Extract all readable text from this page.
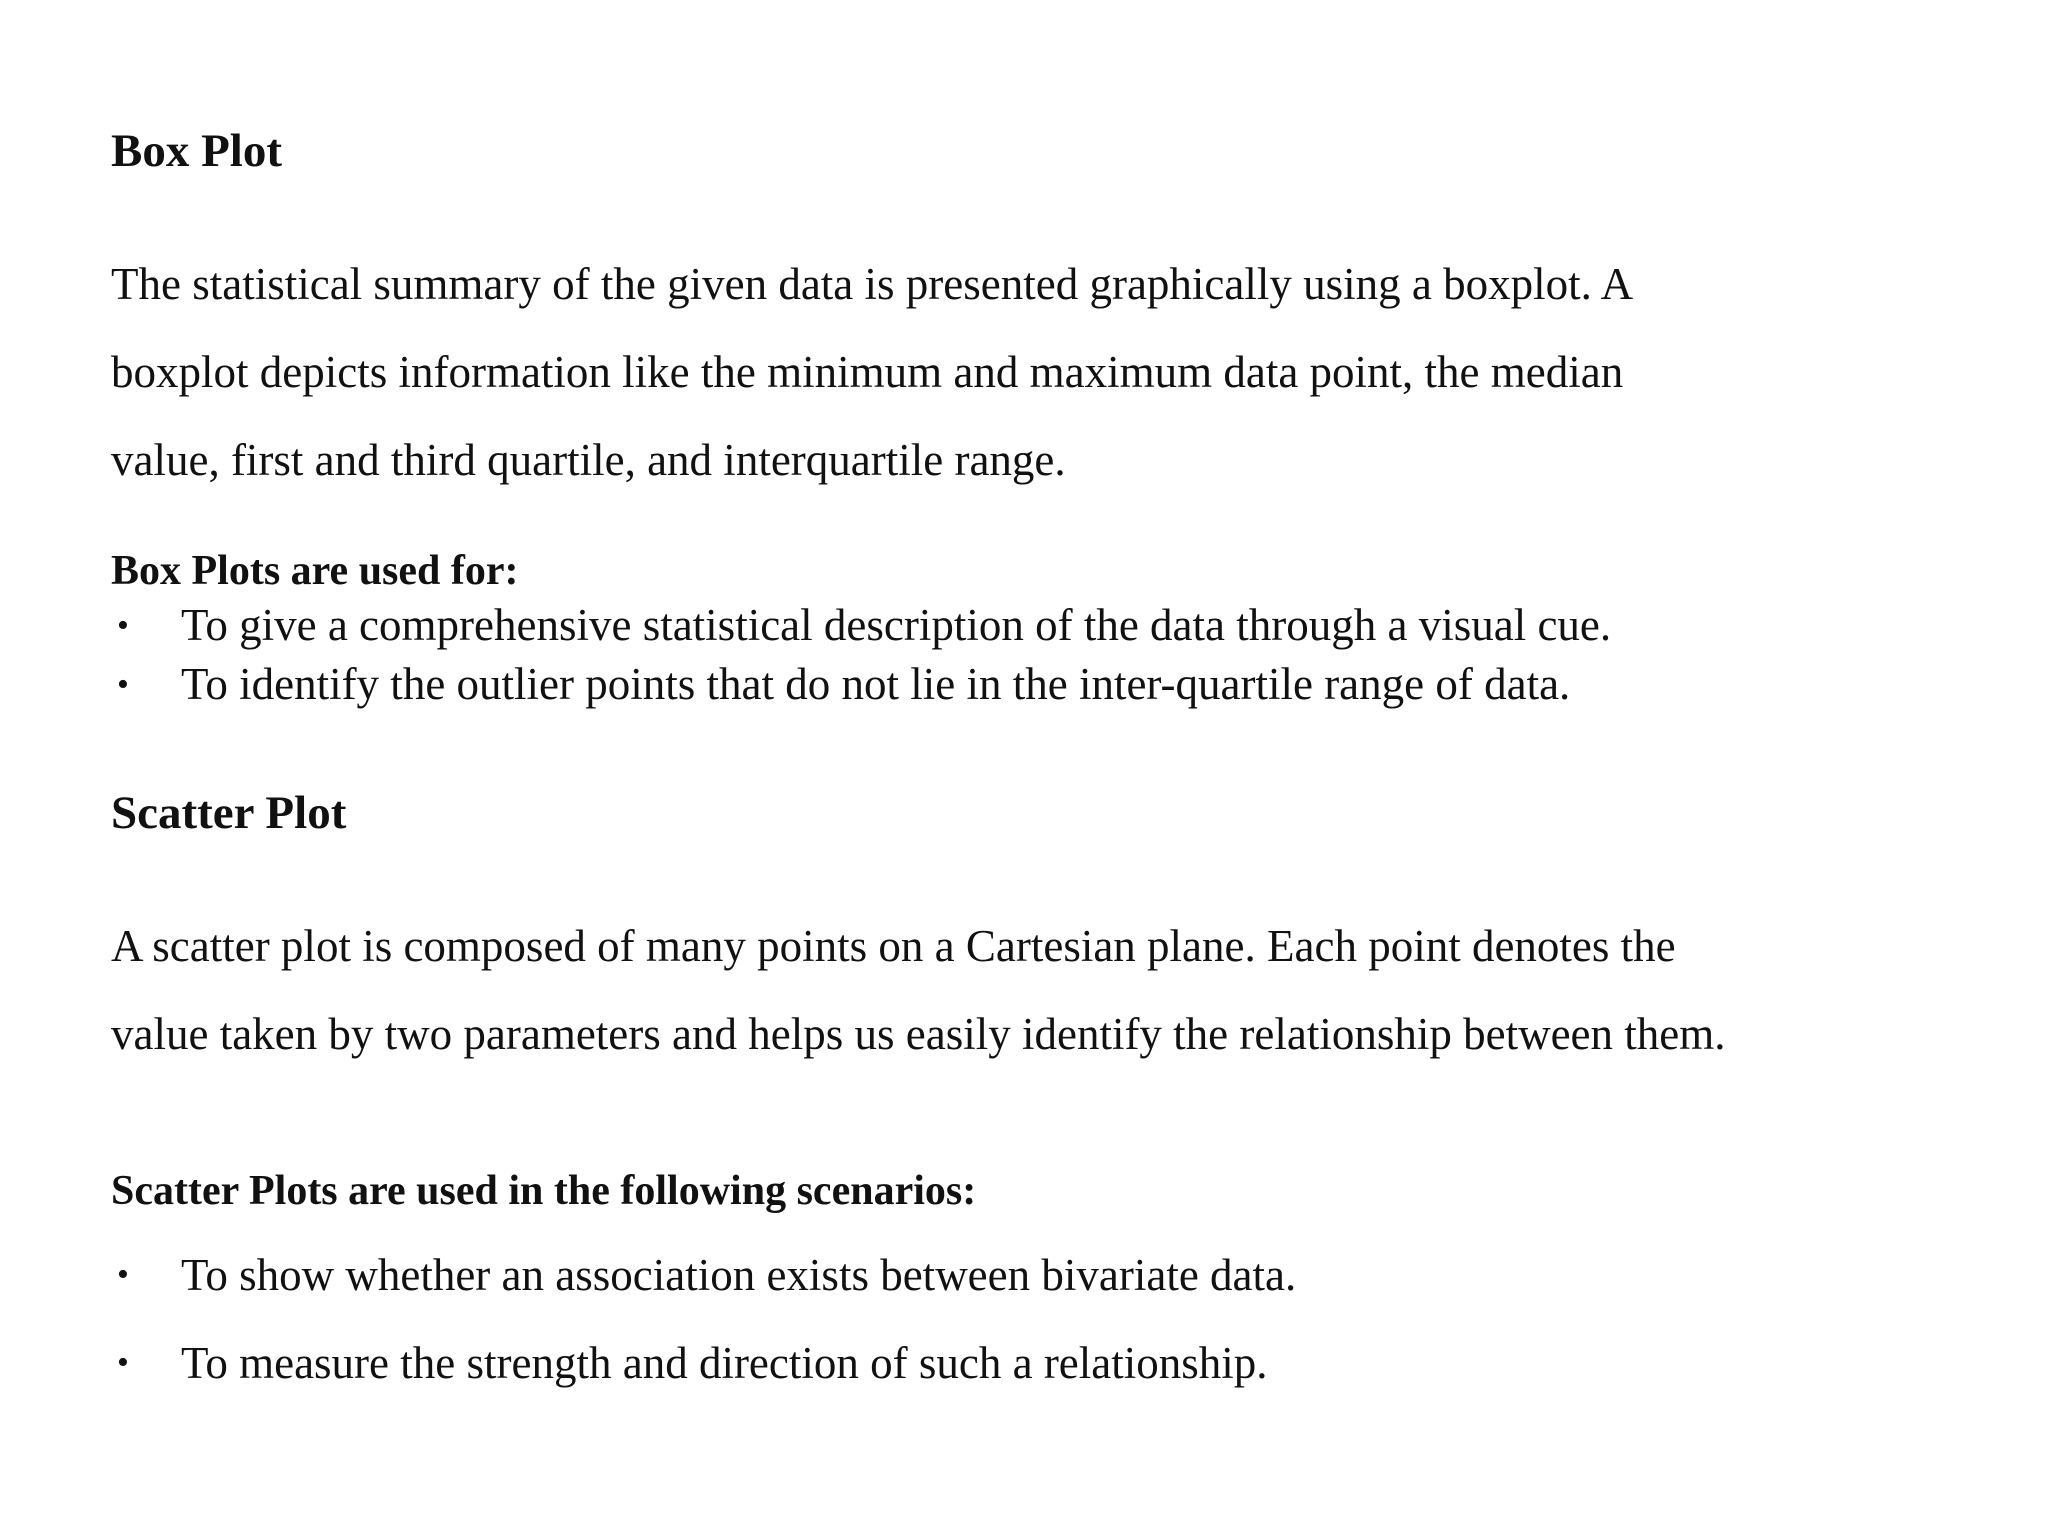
Box Plot

The statistical summary of the given data is presented graphically using a boxplot. A
boxplot depicts information like the minimum and maximum data point, the median
value, first and third quartile, and interquartile range.

Box Plots are used for:
• To give a comprehensive statistical description of the data through a visual cue.
• To identify the outlier points that do not lie in the inter-quartile range of data.
Scatter Plot

A scatter plot is composed of many points on a Cartesian plane. Each point denotes the
value taken by two parameters and helps us easily identify the relationship between them.

Scatter Plots are used in the following scenarios:
• To show whether an association exists between bivariate data.
• To measure the strength and direction of such a relationship.
